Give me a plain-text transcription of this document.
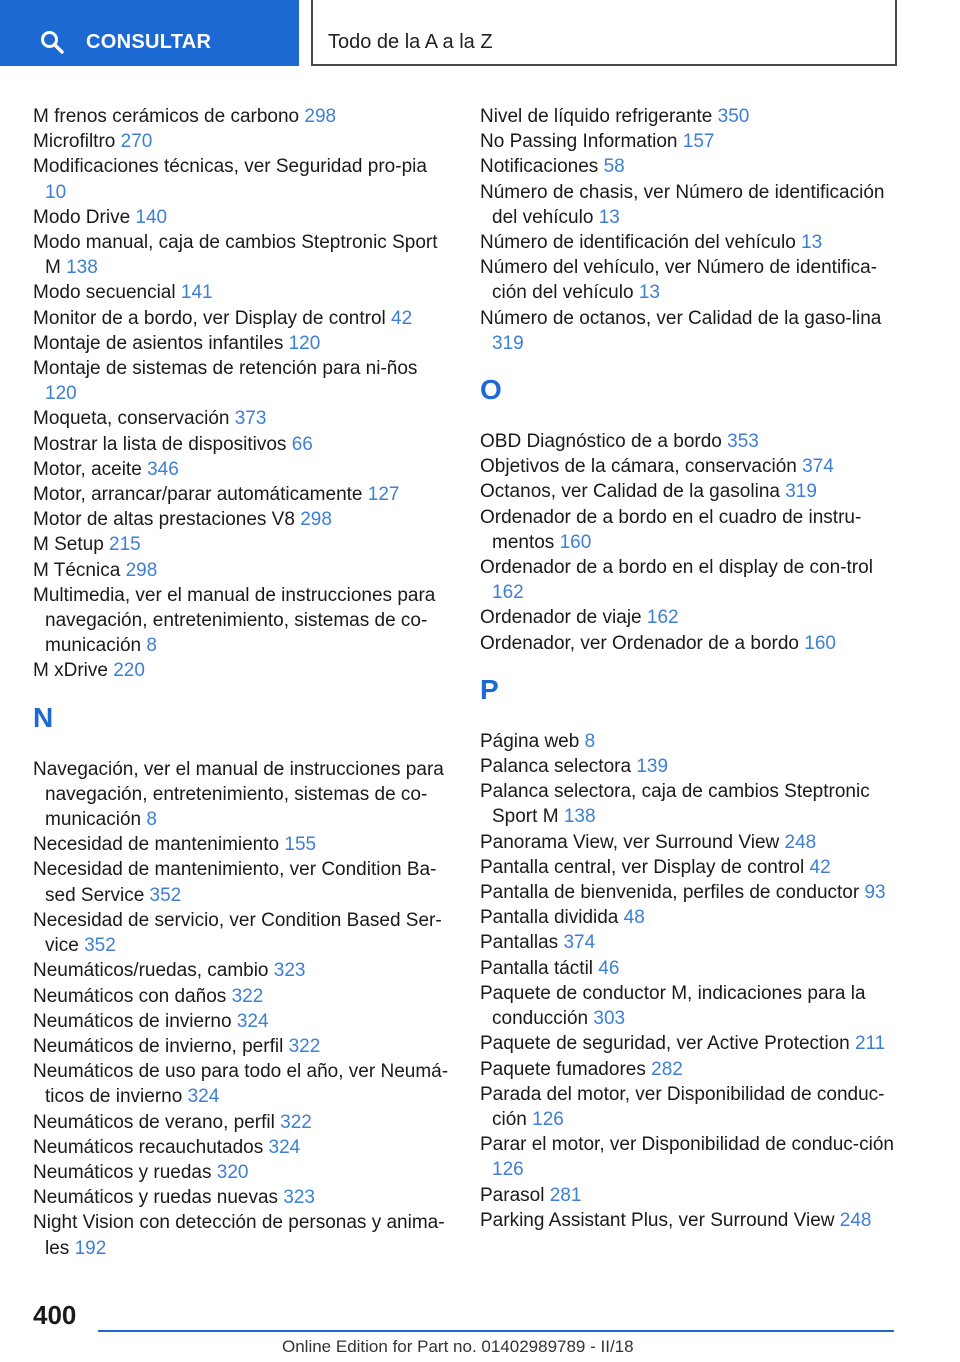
CONSULTAR	Todo de la A a la Z

M frenos cerámicos de carbono 298

Microfiltro 270

Modificaciones técnicas, ver Seguridad pro-pia 10

Modo Drive 140

Modo manual, caja de cambios Steptronic Sport M 138

Modo secuencial 141

Monitor de a bordo, ver Display de control 42

Montaje de asientos infantiles 120

Montaje de sistemas de retención para ni-ños 120

Moqueta, conservación 373

Mostrar la lista de dispositivos 66

Motor, aceite 346

Motor, arrancar/parar automáticamente 127

Motor de altas prestaciones V8 298

M Setup 215

M Técnica 298

Multimedia, ver el manual de instrucciones para navegación, entretenimiento, sistemas de co-municación 8

M xDrive 220

N

Navegación, ver el manual de instrucciones para navegación, entretenimiento, sistemas de co-municación 8

Necesidad de mantenimiento 155

Necesidad de mantenimiento, ver Condition Ba-sed Service 352

Necesidad de servicio, ver Condition Based Ser-vice 352

Neumáticos/ruedas, cambio 323

Neumáticos con daños 322

Neumáticos de invierno 324

Neumáticos de invierno, perfil 322

Neumáticos de uso para todo el año, ver Neumá-ticos de invierno 324

Neumáticos de verano, perfil 322

Neumáticos recauchutados 324

Neumáticos y ruedas 320

Neumáticos y ruedas nuevas 323

Night Vision con detección de personas y anima-les 192

Nivel de líquido refrigerante 350

No Passing Information 157

Notificaciones 58

Número de chasis, ver Número de identificación del vehículo 13

Número de identificación del vehículo 13

Número del vehículo, ver Número de identifica-ción del vehículo 13

Número de octanos, ver Calidad de la gaso-lina 319

O

OBD Diagnóstico de a bordo 353

Objetivos de la cámara, conservación 374

Octanos, ver Calidad de la gasolina 319

Ordenador de a bordo en el cuadro de instru-mentos 160

Ordenador de a bordo en el display de con-trol 162

Ordenador de viaje 162

Ordenador, ver Ordenador de a bordo 160

P

Página web 8

Palanca selectora 139

Palanca selectora, caja de cambios Steptronic Sport M 138

Panorama View, ver Surround View 248

Pantalla central, ver Display de control 42

Pantalla de bienvenida, perfiles de conductor 93

Pantalla dividida 48

Pantallas 374

Pantalla táctil 46

Paquete de conductor M, indicaciones para la conducción 303

Paquete de seguridad, ver Active Protection 211

Paquete fumadores 282

Parada del motor, ver Disponibilidad de conduc-ción 126

Parar el motor, ver Disponibilidad de conduc-ción 126

Parasol 281

Parking Assistant Plus, ver Surround View 248

400
Online Edition for Part no. 01402989789 - II/18
